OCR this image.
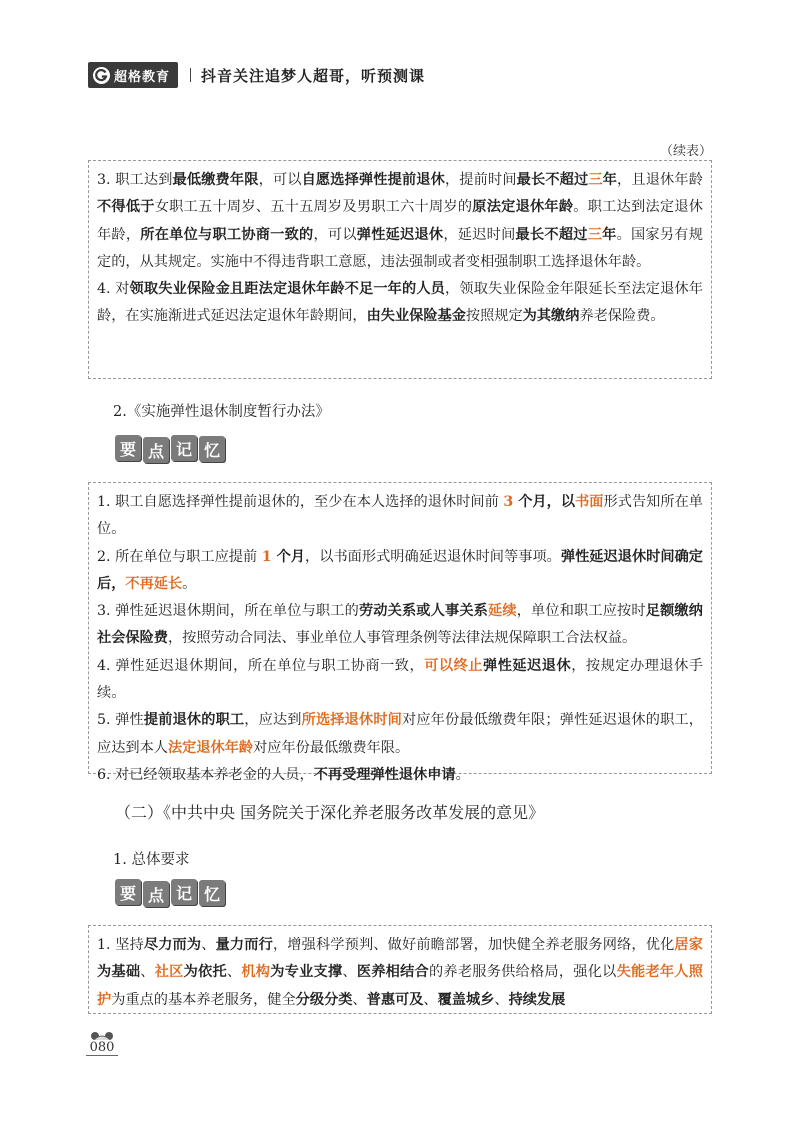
超格教育 抖音关注追梦人超哥，听预测课
（续表）

3. 职工达到最低缴费年限，可以自愿选择弹性提前退休，提前时间最长不超过三年，且退休年龄不得低于女职工五十周岁、五十五周岁及男职工六十周岁的原法定退休年龄。职工达到法定退休年龄，所在单位与职工协商一致的，可以弹性延迟退休，延迟时间最长不超过三年。国家另有规定的，从其规定。实施中不得违背职工意愿，违法强制或者变相强制职工选择退休年龄。

4. 对领取失业保险金且距法定退休年龄不足一年的人员，领取失业保险金年限延长至法定退休年龄，在实施渐进式延迟法定退休年龄期间，由失业保险基金按照规定为其缴纳养老保险费。

2.《实施弹性退休制度暂行办法》
要 点 记 忆

1. 职工自愿选择弹性提前退休的，至少在本人选择的退休时间前 3 个月，以书面形式告知所在单位。

2. 所在单位与职工应提前 1 个月，以书面形式明确延迟退休时间等事项。弹性延迟退休时间确定后，不再延长。

3. 弹性延迟退休期间，所在单位与职工的劳动关系或人事关系延续，单位和职工应按时足额缴纳社会保险费，按照劳动合同法、事业单位人事管理条例等法律法规保障职工合法权益。

4. 弹性延迟退休期间，所在单位与职工协商一致，可以终止弹性延迟退休，按规定办理退休手续。

5. 弹性提前退休的职工，应达到所选择退休时间对应年份最低缴费年限；弹性延迟退休的职工，应达到本人法定退休年龄对应年份最低缴费年限。

6. 对已经领取基本养老金的人员，不再受理弹性退休申请。

（二）《中共中央 国务院关于深化养老服务改革发展的意见》
1. 总体要求
要 点 记 忆

1. 坚持尽力而为、量力而行，增强科学预判、做好前瞻部署，加快健全养老服务网络，优化居家为基础、社区为依托、机构为专业支撑、医养相结合的养老服务供给格局，强化以失能老年人照护为重点的基本养老服务，健全分级分类、普惠可及、覆盖城乡、持续发展

080
